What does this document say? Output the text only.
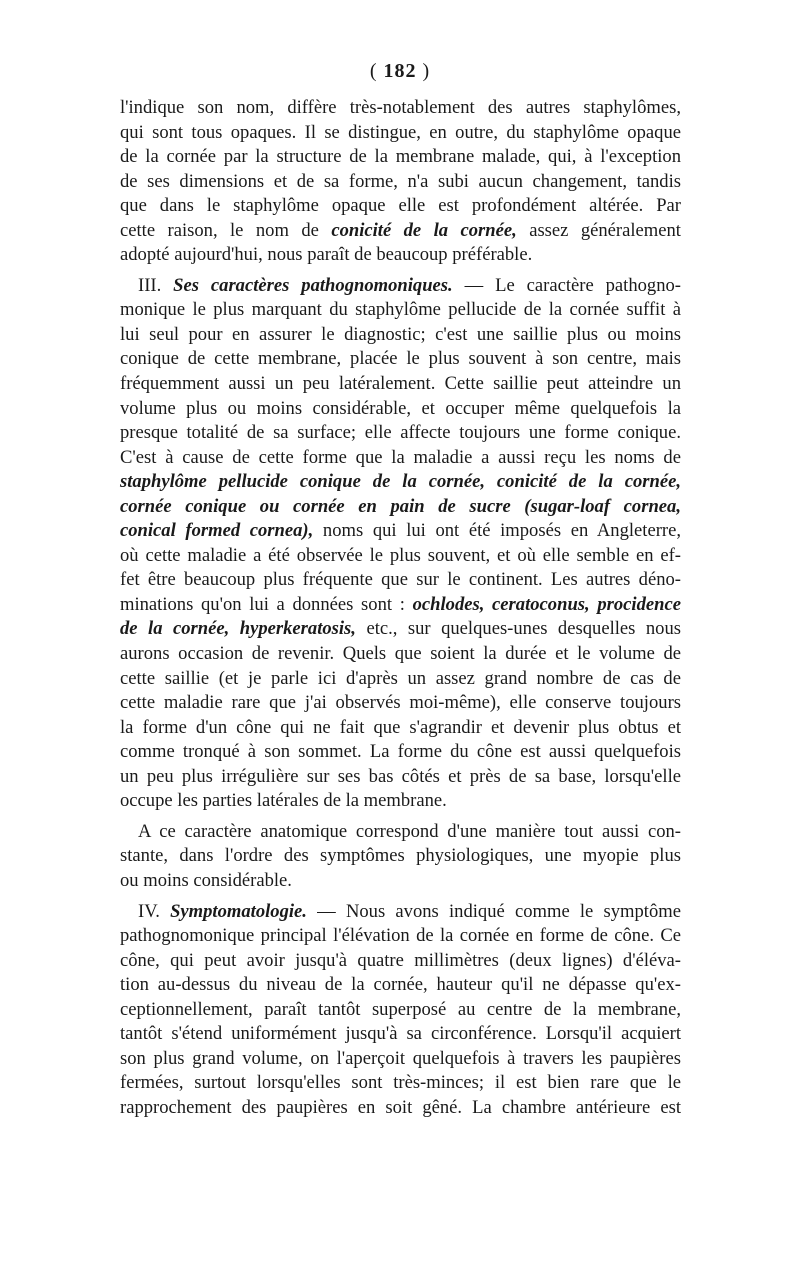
( 182 )
l'indique son nom, diffère très-notablement des autres staphylômes,
qui sont tous opaques. Il se distingue, en outre, du staphylôme opaque
de la cornée par la structure de la membrane malade, qui, à l'exception
de ses dimensions et de sa forme, n'a subi aucun changement, tandis
que dans le staphylôme opaque elle est profondément altérée. Par
cette raison, le nom de conicité de la cornée, assez généralement
adopté aujourd'hui, nous paraît de beaucoup préférable.
III. Ses caractères pathognomoniques. — Le caractère pathogno-
monique le plus marquant du staphylôme pellucide de la cornée suffit à
lui seul pour en assurer le diagnostic; c'est une saillie plus ou moins
conique de cette membrane, placée le plus souvent à son centre, mais
fréquemment aussi un peu latéralement. Cette saillie peut atteindre un
volume plus ou moins considérable, et occuper même quelquefois la
presque totalité de sa surface; elle affecte toujours une forme conique.
C'est à cause de cette forme que la maladie a aussi reçu les noms de
staphylôme pellucide conique de la cornée, conicité de la cornée,
cornée conique ou cornée en pain de sucre (sugar-loaf cornea,
conical formed cornea), noms qui lui ont été imposés en Angleterre,
où cette maladie a été observée le plus souvent, et où elle semble en ef-
fet être beaucoup plus fréquente que sur le continent. Les autres déno-
minations qu'on lui a données sont : ochlodes, ceratoconus, procidence
de la cornée, hyperkeratosis, etc., sur quelques-unes desquelles nous
aurons occasion de revenir. Quels que soient la durée et le volume de
cette saillie (et je parle ici d'après un assez grand nombre de cas de
cette maladie rare que j'ai observés moi-même), elle conserve toujours
la forme d'un cône qui ne fait que s'agrandir et devenir plus obtus et
comme tronqué à son sommet. La forme du cône est aussi quelquefois
un peu plus irrégulière sur ses bas côtés et près de sa base, lorsqu'elle
occupe les parties latérales de la membrane.
A ce caractère anatomique correspond d'une manière tout aussi con-
stante, dans l'ordre des symptômes physiologiques, une myopie plus
ou moins considérable.
IV. Symptomatologie. — Nous avons indiqué comme le symptôme
pathognomonique principal l'élévation de la cornée en forme de cône. Ce
cône, qui peut avoir jusqu'à quatre millimètres (deux lignes) d'éléva-
tion au-dessus du niveau de la cornée, hauteur qu'il ne dépasse qu'ex-
ceptionnellement, paraît tantôt superposé au centre de la membrane,
tantôt s'étend uniformément jusqu'à sa circonférence. Lorsqu'il acquiert
son plus grand volume, on l'aperçoit quelquefois à travers les paupières
fermées, surtout lorsqu'elles sont très-minces; il est bien rare que le
rapprochement des paupières en soit gêné. La chambre antérieure est
